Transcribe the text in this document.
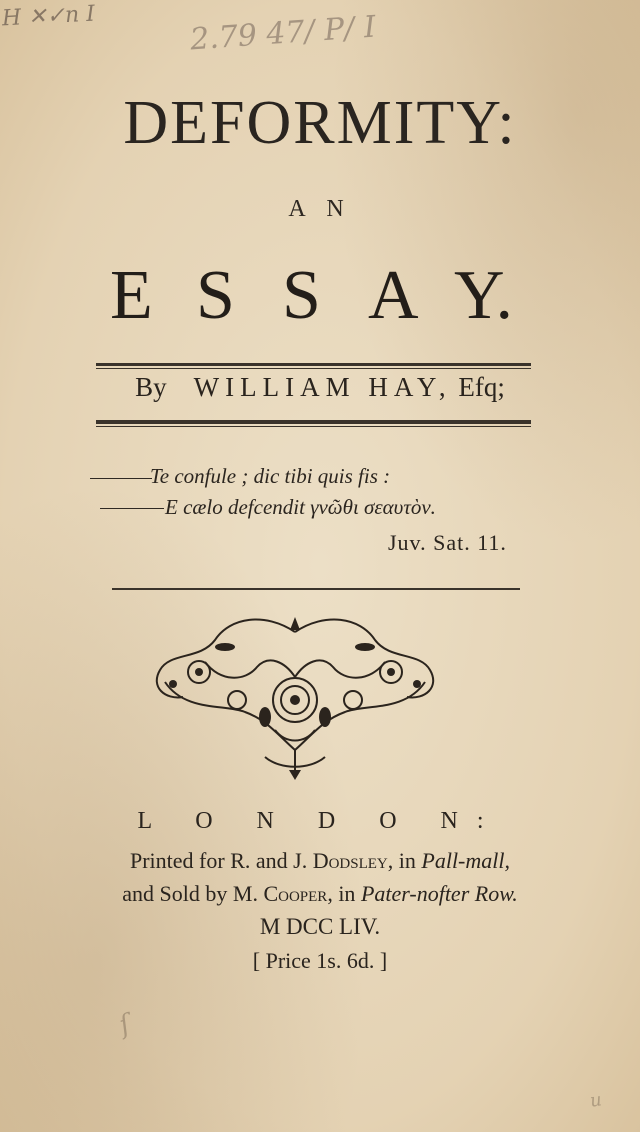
H ✕✓n I	2.79 47/ P/ I
DEFORMITY:
A N
E S S A Y.
By WILLIAM HAY, Efq;
Te confule ; dic tibi quis fis :
E cælo defcendit γνῶθι σεαυτὸν.
Juv. Sat. 11.
L O N D O N:
Printed for R. and J. Dodsley, in Pall-mall,
and Sold by M. Cooper, in Pater-nofter Row.
M DCC LIV.
[ Price 1s. 6d. ]
ſ
u
